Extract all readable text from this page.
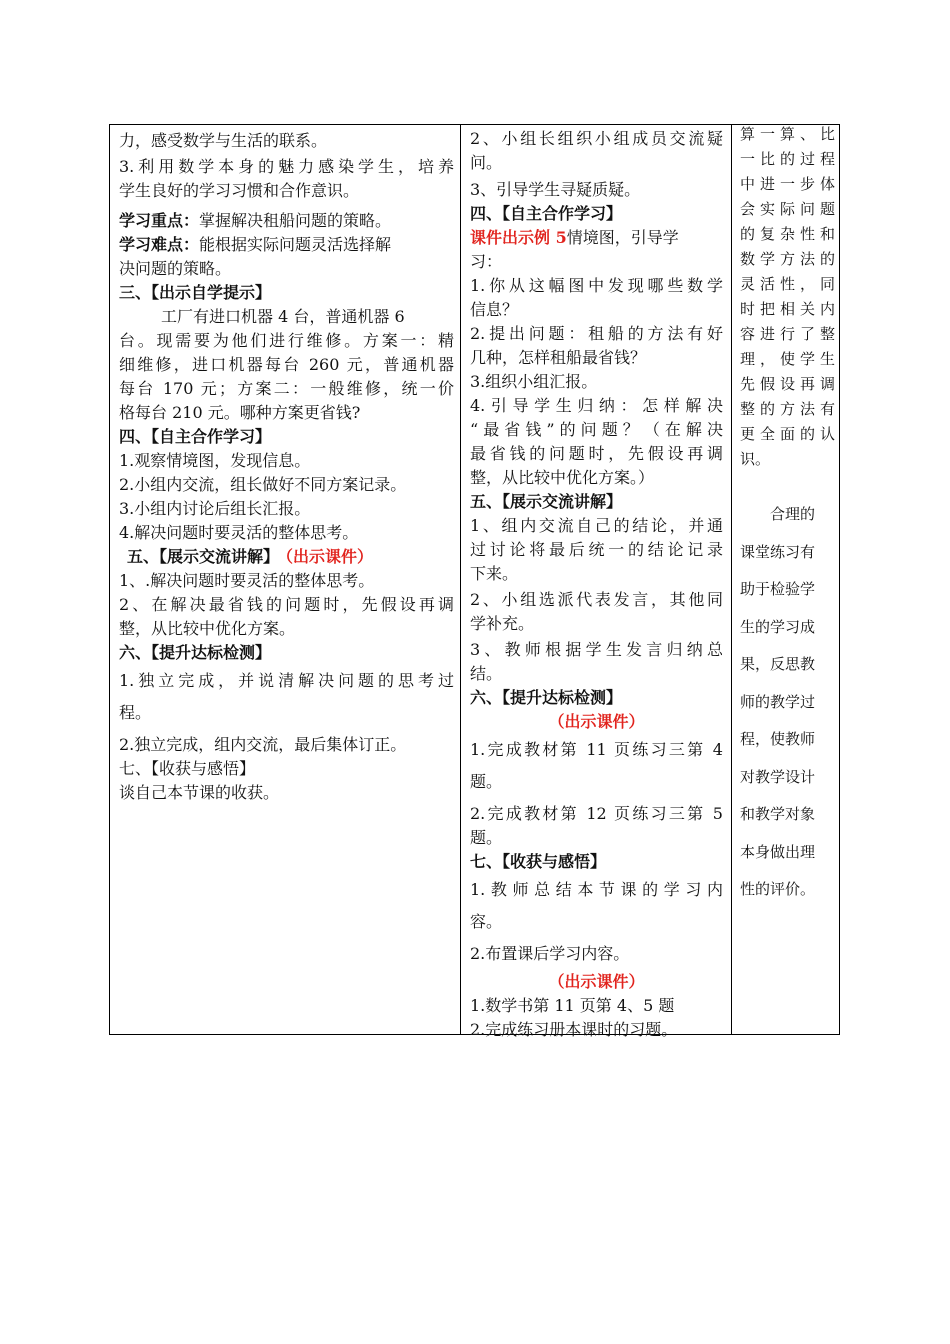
力，感受数学与生活的联系。
3.利用数学本身的魅力感染学生，培养
学生良好的学习习惯和合作意识。
学习重点：掌握解决租船问题的策略。
学习难点：能根据实际问题灵活选择解
决问题的策略。
三、【出示自学提示】
工厂有进口机器 4 台，普通机器 6
台。现需要为他们进行维修。方案一：精
细维修，进口机器每台 260 元，普通机器
每台 170 元；方案二：一般维修，统一价
格每台 210 元。哪种方案更省钱?
四、【自主合作学习】
1.观察情境图，发现信息。
2.小组内交流，组长做好不同方案记录。
3.小组内讨论后组长汇报。
4.解决问题时要灵活的整体思考。
五、【展示交流讲解】 （出示课件）
1、.解决问题时要灵活的整体思考。
2、在解决最省钱的问题时，先假设再调
整，从比较中优化方案。
六、【提升达标检测】
1.独立完成，并说清解决问题的思考过
程。
2.独立完成，组内交流，最后集体订正。
七、【收获与感悟】
谈自己本节课的收获。
2、小组长组织小组成员交流疑
问。
3、引导学生寻疑质疑。
四、【自主合作学习】
课件出示例 5情境图，引导学
习：
1.你从这幅图中发现哪些数学
信息？
2.提出问题：租船的方法有好
几种，怎样租船最省钱？
3.组织小组汇报。
4.引导学生归纳：怎样解决
“最省钱”的问题？（在解决
最省钱的问题时，先假设再调
整，从比较中优化方案。）
五、【展示交流讲解】
1、组内交流自己的结论，并通
过讨论将最后统一的结论记录
下来。
2、小组选派代表发言，其他同
学补充。
3、教师根据学生发言归纳总
结。
六、【提升达标检测】
（出示课件）
1.完成教材第 11 页练习三第 4
题。
2.完成教材第 12 页练习三第 5
题。
七、【收获与感悟】
1.教师总结本节课的学习内
容。
2.布置课后学习内容。
（出示课件）
1.数学书第 11 页第 4、5 题
2.完成练习册本课时的习题。
算一算、比
一比的过程
中进一步体
会实际问题
的复杂性和
数学方法的
灵活性，同
时把相关内
容进行了整
理，使学生
先假设再调
整的方法有
更全面的认
识。
合理的
课堂练习有
助于检验学
生的学习成
果，反思教
师的教学过
程，使教师
对教学设计
和教学对象
本身做出理
性的评价。
